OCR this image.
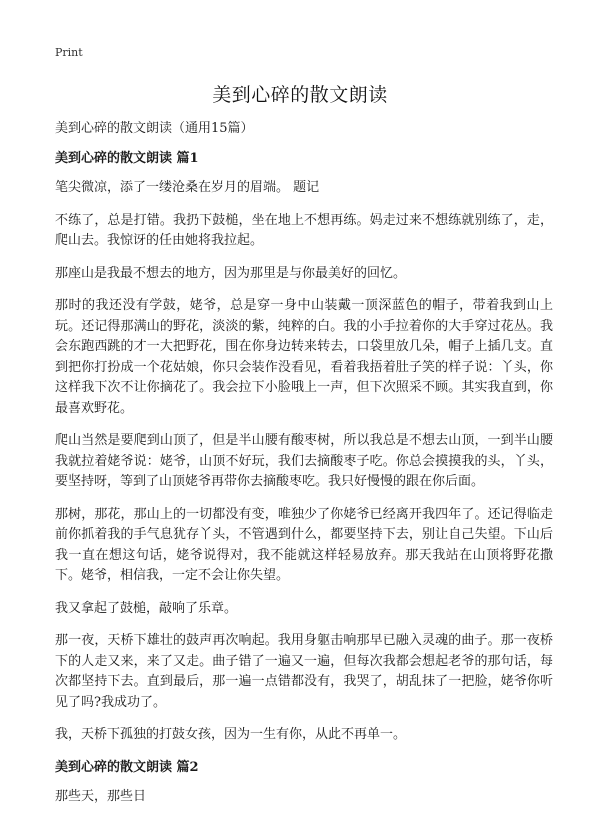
Print
美到心碎的散文朗读

美到心碎的散文朗读（通用15篇）

美到心碎的散文朗读 篇1

笔尖微凉，添了一缕沧桑在岁月的眉端。 题记

不练了，总是打错。我扔下鼓槌，坐在地上不想再练。妈走过来不想练就别练了，走，爬山去。我惊讶的任由她将我拉起。

那座山是我最不想去的地方，因为那里是与你最美好的回忆。

那时的我还没有学鼓，姥爷，总是穿一身中山装戴一顶深蓝色的帽子，带着我到山上玩。还记得那满山的野花，淡淡的紫，纯粹的白。我的小手拉着你的大手穿过花丛。我会东跑西跳的才一大把野花，围在你身边转来转去，口袋里放几朵，帽子上插几支。直到把你打扮成一个花姑娘，你只会装作没看见，看着我捂着肚子笑的样子说：丫头，你这样我下次不让你摘花了。我会拉下小脸哦上一声，但下次照采不顾。其实我直到，你最喜欢野花。

爬山当然是要爬到山顶了，但是半山腰有酸枣树，所以我总是不想去山顶，一到半山腰我就拉着姥爷说：姥爷，山顶不好玩，我们去摘酸枣子吃。你总会摸摸我的头，丫头，要坚持呀，等到了山顶姥爷再带你去摘酸枣吃。我只好慢慢的跟在你后面。

那树，那花，那山上的一切都没有变，唯独少了你姥爷已经离开我四年了。还记得临走前你抓着我的手气息犹存丫头，不管遇到什么，都要坚持下去，别让自己失望。下山后我一直在想这句话，姥爷说得对，我不能就这样轻易放弃。那天我站在山顶将野花撒下。姥爷，相信我，一定不会让你失望。

我又拿起了鼓槌，敲响了乐章。

那一夜，天桥下雄壮的鼓声再次响起。我用身躯击响那早已融入灵魂的曲子。那一夜桥下的人走又来，来了又走。曲子错了一遍又一遍，但每次我都会想起老爷的那句话，每次都坚持下去。直到最后，那一遍一点错都没有，我哭了，胡乱抹了一把脸，姥爷你听见了吗?我成功了。

我，天桥下孤独的打鼓女孩，因为一生有你，从此不再单一。

美到心碎的散文朗读 篇2

那些天，那些日
